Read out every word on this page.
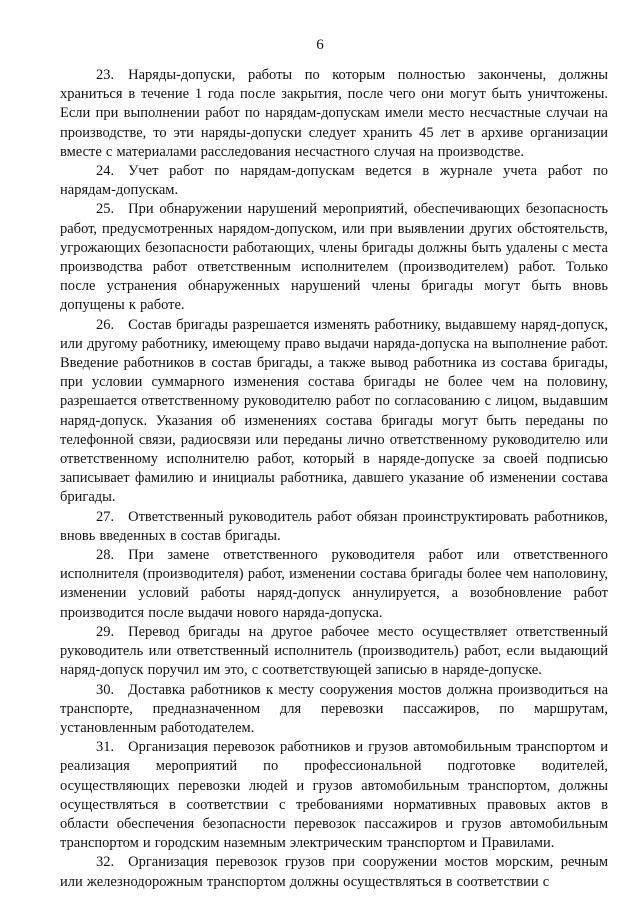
6

23. Наряды-допуски, работы по которым полностью закончены, должны храниться в течение 1 года после закрытия, после чего они могут быть уничтожены. Если при выполнении работ по нарядам-допускам имели место несчастные случаи на производстве, то эти наряды-допуски следует хранить 45 лет в архиве организации вместе с материалами расследования несчастного случая на производстве.

24. Учет работ по нарядам-допускам ведется в журнале учета работ по нарядам-допускам.

25. При обнаружении нарушений мероприятий, обеспечивающих безопасность работ, предусмотренных нарядом-допуском, или при выявлении других обстоятельств, угрожающих безопасности работающих, члены бригады должны быть удалены с места производства работ ответственным исполнителем (производителем) работ. Только после устранения обнаруженных нарушений члены бригады могут быть вновь допущены к работе.

26. Состав бригады разрешается изменять работнику, выдавшему наряд-допуск, или другому работнику, имеющему право выдачи наряда-допуска на выполнение работ. Введение работников в состав бригады, а также вывод работника из состава бригады, при условии суммарного изменения состава бригады не более чем на половину, разрешается ответственному руководителю работ по согласованию с лицом, выдавшим наряд-допуск. Указания об изменениях состава бригады могут быть переданы по телефонной связи, радиосвязи или переданы лично ответственному руководителю или ответственному исполнителю работ, который в наряде-допуске за своей подписью записывает фамилию и инициалы работника, давшего указание об изменении состава бригады.

27. Ответственный руководитель работ обязан проинструктировать работников, вновь введенных в состав бригады.

28. При замене ответственного руководителя работ или ответственного исполнителя (производителя) работ, изменении состава бригады более чем наполовину, изменении условий работы наряд-допуск аннулируется, а возобновление работ производится после выдачи нового наряда-допуска.

29. Перевод бригады на другое рабочее место осуществляет ответственный руководитель или ответственный исполнитель (производитель) работ, если выдающий наряд-допуск поручил им это, с соответствующей записью в наряде-допуске.

30. Доставка работников к месту сооружения мостов должна производиться на транспорте, предназначенном для перевозки пассажиров, по маршрутам, установленным работодателем.

31. Организация перевозок работников и грузов автомобильным транспортом и реализация мероприятий по профессиональной подготовке водителей, осуществляющих перевозки людей и грузов автомобильным транспортом, должны осуществляться в соответствии с требованиями нормативных правовых актов в области обеспечения безопасности перевозок пассажиров и грузов автомобильным транспортом и городским наземным электрическим транспортом и Правилами.

32. Организация перевозок грузов при сооружении мостов морским, речным или железнодорожным транспортом должны осуществляться в соответствии с
